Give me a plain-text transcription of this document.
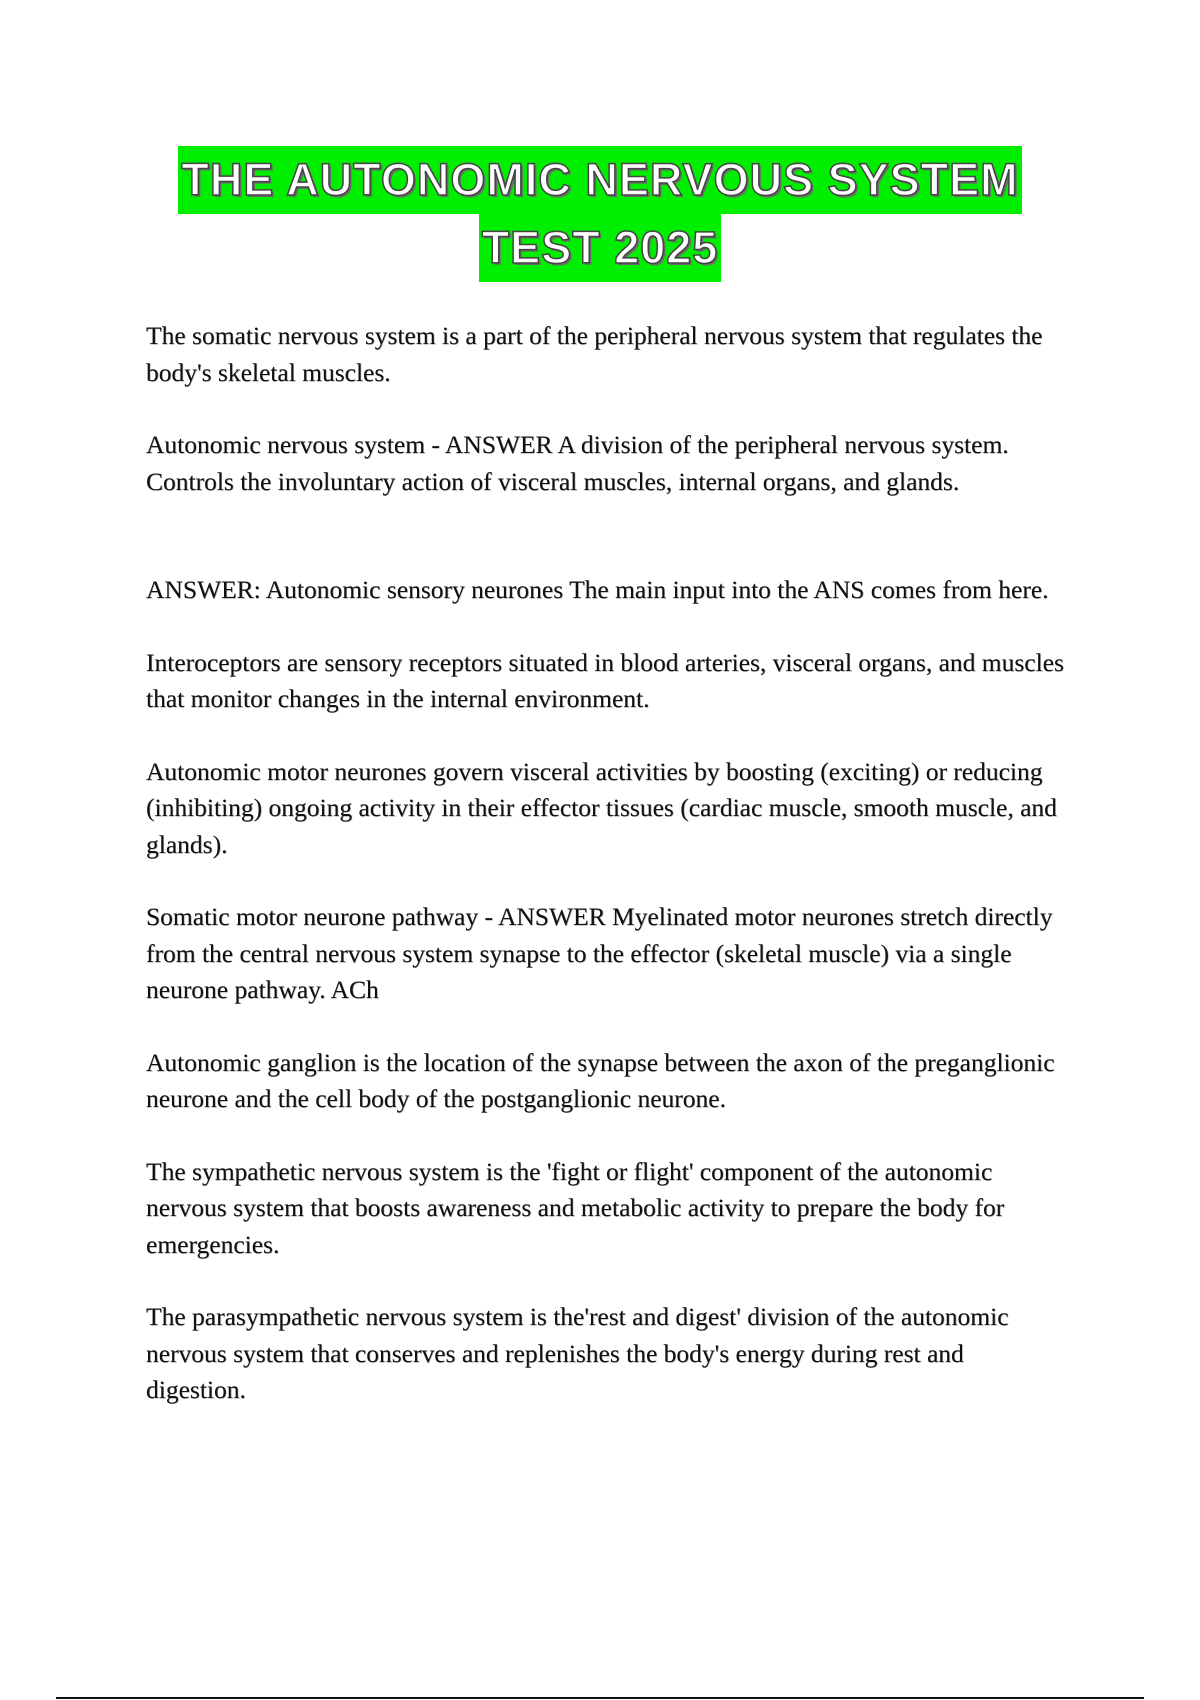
THE AUTONOMIC NERVOUS SYSTEM
TEST 2025

The somatic nervous system is a part of the peripheral nervous system that regulates the body's skeletal muscles.

Autonomic nervous system - ANSWER A division of the peripheral nervous system. Controls the involuntary action of visceral muscles, internal organs, and glands.

ANSWER: Autonomic sensory neurones The main input into the ANS comes from here.

Interoceptors are sensory receptors situated in blood arteries, visceral organs, and muscles that monitor changes in the internal environment.

Autonomic motor neurones govern visceral activities by boosting (exciting) or reducing (inhibiting) ongoing activity in their effector tissues (cardiac muscle, smooth muscle, and glands).

Somatic motor neurone pathway - ANSWER Myelinated motor neurones stretch directly from the central nervous system synapse to the effector (skeletal muscle) via a single neurone pathway. ACh

Autonomic ganglion is the location of the synapse between the axon of the preganglionic neurone and the cell body of the postganglionic neurone.

The sympathetic nervous system is the 'fight or flight' component of the autonomic nervous system that boosts awareness and metabolic activity to prepare the body for emergencies.

The parasympathetic nervous system is the'rest and digest' division of the autonomic nervous system that conserves and replenishes the body's energy during rest and digestion.
